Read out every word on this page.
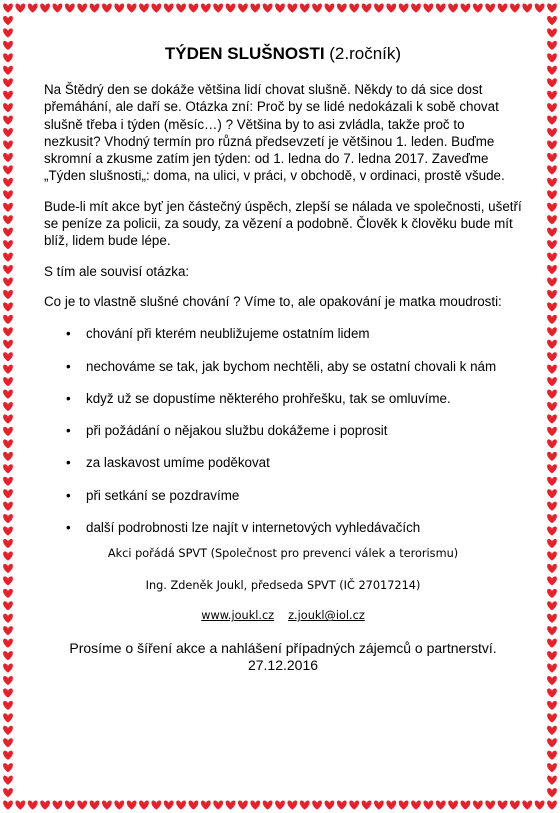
TÝDEN SLUŠNOSTI (2.ročník)

Na Štědrý den se dokáže většina lidí chovat slušně. Někdy to dá sice dost přemáhání, ale daří se. Otázka zní: Proč by se lidé nedokázali k sobě chovat slušně třeba i týden (měsíc…) ? Většina by to asi zvládla, takže proč to nezkusit? Vhodný termín pro různá předsevzetí je většinou 1. leden. Buďme skromní a zkusme zatím jen týden: od 1. ledna do 7. ledna 2017. Zaveďme „Týden slušnosti„: doma, na ulici, v práci, v obchodě, v ordinaci, prostě všude.

Bude-li mít akce byť jen částečný úspěch, zlepší se nálada ve společnosti, ušetří se peníze za policii, za soudy, za vězení a podobně. Člověk k člověku bude mít blíž, lidem bude lépe.

S tím ale souvisí otázka:

Co je to vlastně slušné chování ? Víme to, ale opakování je matka moudrosti:

• chování při kterém neubližujeme ostatním lidem
• nechováme se tak, jak bychom nechtěli, aby se ostatní chovali k nám
• když už se dopustíme některého prohřešku, tak se omluvíme.
• při požádání o nějakou službu dokážeme i poprosit
• za laskavost umíme poděkovat
• při setkání se pozdravíme
• další podrobnosti lze najít v internetových vyhledávačích
Akci pořádá SPVT (Společnost pro prevenci válek a terorismu)
Ing. Zdeněk Joukl, předseda SPVT (IČ 27017214)
www.joukl.cz z.joukl@iol.cz
Prosíme o šíření akce a nahlášení případných zájemců o partnerství.
27.12.2016
